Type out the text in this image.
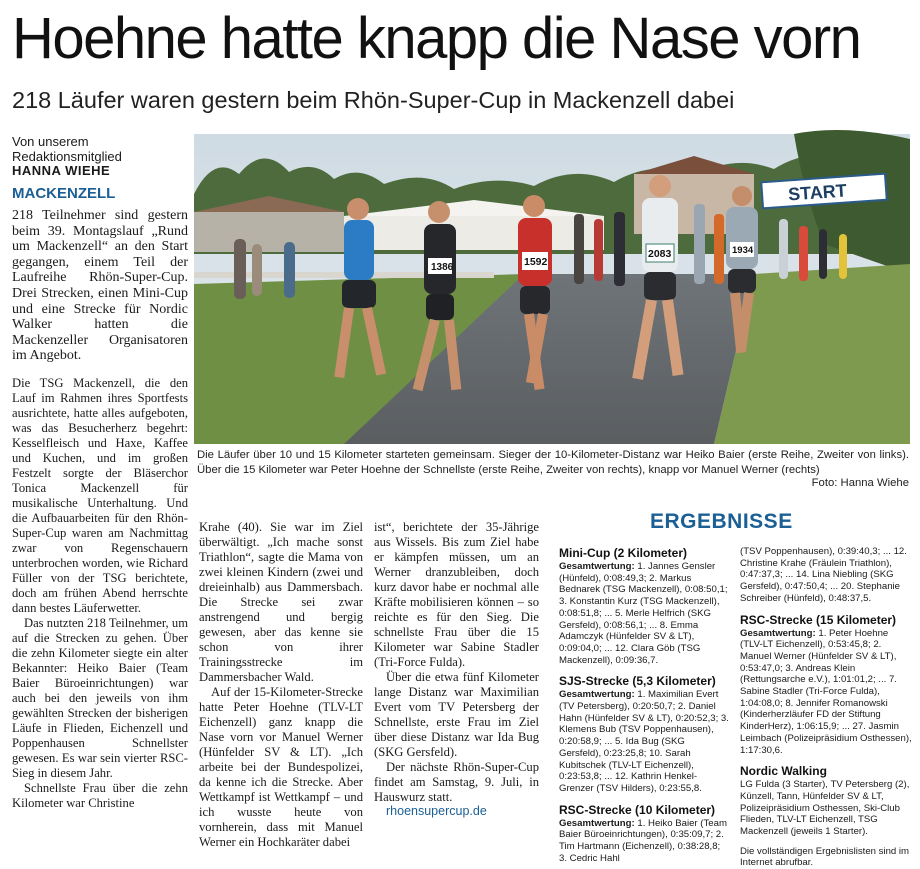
Hoehne hatte knapp die Nase vorn
218 Läufer waren gestern beim Rhön-Super-Cup in Mackenzell dabei
Von unserem Redaktionsmitglied
HANNA WIEHE
MACKENZELL

218 Teilnehmer sind gestern beim 39. Montagslauf „Rund um Mackenzell“ an den Start gegangen, einem Teil der Laufreihe Rhön-Super-Cup. Drei Strecken, einen Mini-Cup und eine Strecke für Nordic Walker hatten die Mackenzeller Organisatoren im Angebot.

Die TSG Mackenzell, die den Lauf im Rahmen ihres Sportfests ausrichtete, hatte alles aufgeboten, was das Besucherherz begehrt: Kesselfleisch und Haxe, Kaffee und Kuchen, und im großen Festzelt sorgte der Bläserchor Tonica Mackenzell für musikalische Unterhaltung. Und die Aufbauarbeiten für den Rhön-Super-Cup waren am Nachmittag zwar von Regenschauern unterbrochen worden, wie Richard Füller von der TSG berichtete, doch am frühen Abend herrschte dann bestes Läuferwetter.

Das nutzten 218 Teilnehmer, um auf die Strecken zu gehen. Über die zehn Kilometer siegte ein alter Bekannter: Heiko Baier (Team Baier Büroeinrichtungen) war auch bei den jeweils von ihm gewählten Strecken der bisherigen Läufe in Flieden, Eichenzell und Poppenhausen Schnellster gewesen. Es war sein vierter RSC-Sieg in diesem Jahr.

Schnellste Frau über die zehn Kilometer war Christine

START
1386	1592
2083	1934
Die Läufer über 10 und 15 Kilometer starteten gemeinsam. Sieger der 10-Kilometer-Distanz war Heiko Baier (erste Reihe, Zweiter von links). Über die 15 Kilometer war Peter Hoehne der Schnellste (erste Reihe, Zweiter von rechts), knapp vor Manuel Werner (rechts)
Foto: Hanna Wiehe

Krahe (40). Sie war im Ziel überwältigt. „Ich mache sonst Triathlon“, sagte die Mama von zwei kleinen Kindern (zwei und dreieinhalb) aus Dammersbach. Die Strecke sei zwar anstrengend und bergig gewesen, aber das kenne sie schon von ihrer Trainingsstrecke im Dammersbacher Wald.

Auf der 15-Kilometer-Strecke hatte Peter Hoehne (TLV-LT Eichenzell) ganz knapp die Nase vorn vor Manuel Werner (Hünfelder SV & LT). „Ich arbeite bei der Bundespolizei, da kenne ich die Strecke. Aber Wettkampf ist Wettkampf – und ich wusste heute von vornherein, dass mit Manuel Werner ein Hochkaräter dabei

ist“, berichtete der 35-Jährige aus Wissels. Bis zum Ziel habe er kämpfen müssen, um an Werner dranzubleiben, doch kurz davor habe er nochmal alle Kräfte mobilisieren können – so reichte es für den Sieg. Die schnellste Frau über die 15 Kilometer war Sabine Stadler (Tri-Force Fulda).

Über die etwa fünf Kilometer lange Distanz war Maximilian Evert vom TV Petersberg der Schnellste, erste Frau im Ziel über diese Distanz war Ida Bug (SKG Gersfeld).

Der nächste Rhön-Super-Cup findet am Samstag, 9. Juli, in Hauswurz statt.

rhoensupercup.de

ERGEBNISSE
Mini-Cup (2 Kilometer)
Gesamtwertung: 1. Jannes Gensler (Hünfeld), 0:08:49,3; 2. Markus Bednarek (TSG Mackenzell), 0:08:50,1; 3. Konstantin Kurz (TSG Mackenzell), 0:08:51,8; ... 5. Merle Helfrich (SKG Gersfeld), 0:08:56,1; ... 8. Emma Adamczyk (Hünfelder SV & LT), 0:09:04,0; ... 12. Clara Göb (TSG Mackenzell), 0:09:36,7.
SJS-Strecke (5,3 Kilometer)
Gesamtwertung: 1. Maximilian Evert (TV Petersberg), 0:20:50,7; 2. Daniel Hahn (Hünfelder SV & LT), 0:20:52,3; 3. Klemens Bub (TSV Poppenhausen), 0:20:58,9; ... 5. Ida Bug (SKG Gersfeld), 0:23:25,8; 10. Sarah Kubitschek (TLV-LT Eichenzell), 0:23:53,8; ... 12. Kathrin Henkel-Grenzer (TSV Hilders), 0:23:55,8.
RSC-Strecke (10 Kilometer)
Gesamtwertung: 1. Heiko Baier (Team Baier Büroeinrichtungen), 0:35:09,7; 2. Tim Hartmann (Eichenzell), 0:38:28,8; 3. Cedric Hahl
(TSV Poppenhausen), 0:39:40,3; ... 12. Christine Krahe (Fräulein Triathlon), 0:47:37,3; ... 14. Lina Niebling (SKG Gersfeld), 0:47:50,4; ... 20. Stephanie Schreiber (Hünfeld), 0:48:37,5.
RSC-Strecke (15 Kilometer)
Gesamtwertung: 1. Peter Hoehne (TLV-LT Eichenzell), 0:53:45,8; 2. Manuel Werner (Hünfelder SV & LT), 0:53:47,0; 3. Andreas Klein (Rettungsarche e.V.), 1:01:01,2; ... 7. Sabine Stadler (Tri-Force Fulda), 1:04:08,0; 8. Jennifer Romanowski (Kinderherzläufer FD der Stiftung KinderHerz), 1:06:15,9; ... 27. Jasmin Leimbach (Polizeipräsidium Osthessen), 1:17:30,6.
Nordic Walking
LG Fulda (3 Starter), TV Petersberg (2), Künzell, Tann, Hünfelder SV & LT, Polizeipräsidium Osthessen, Ski-Club Flieden, TLV-LT Eichenzell, TSG Mackenzell (jeweils 1 Starter).
Die vollständigen Ergebnislisten sind im Internet abrufbar.
